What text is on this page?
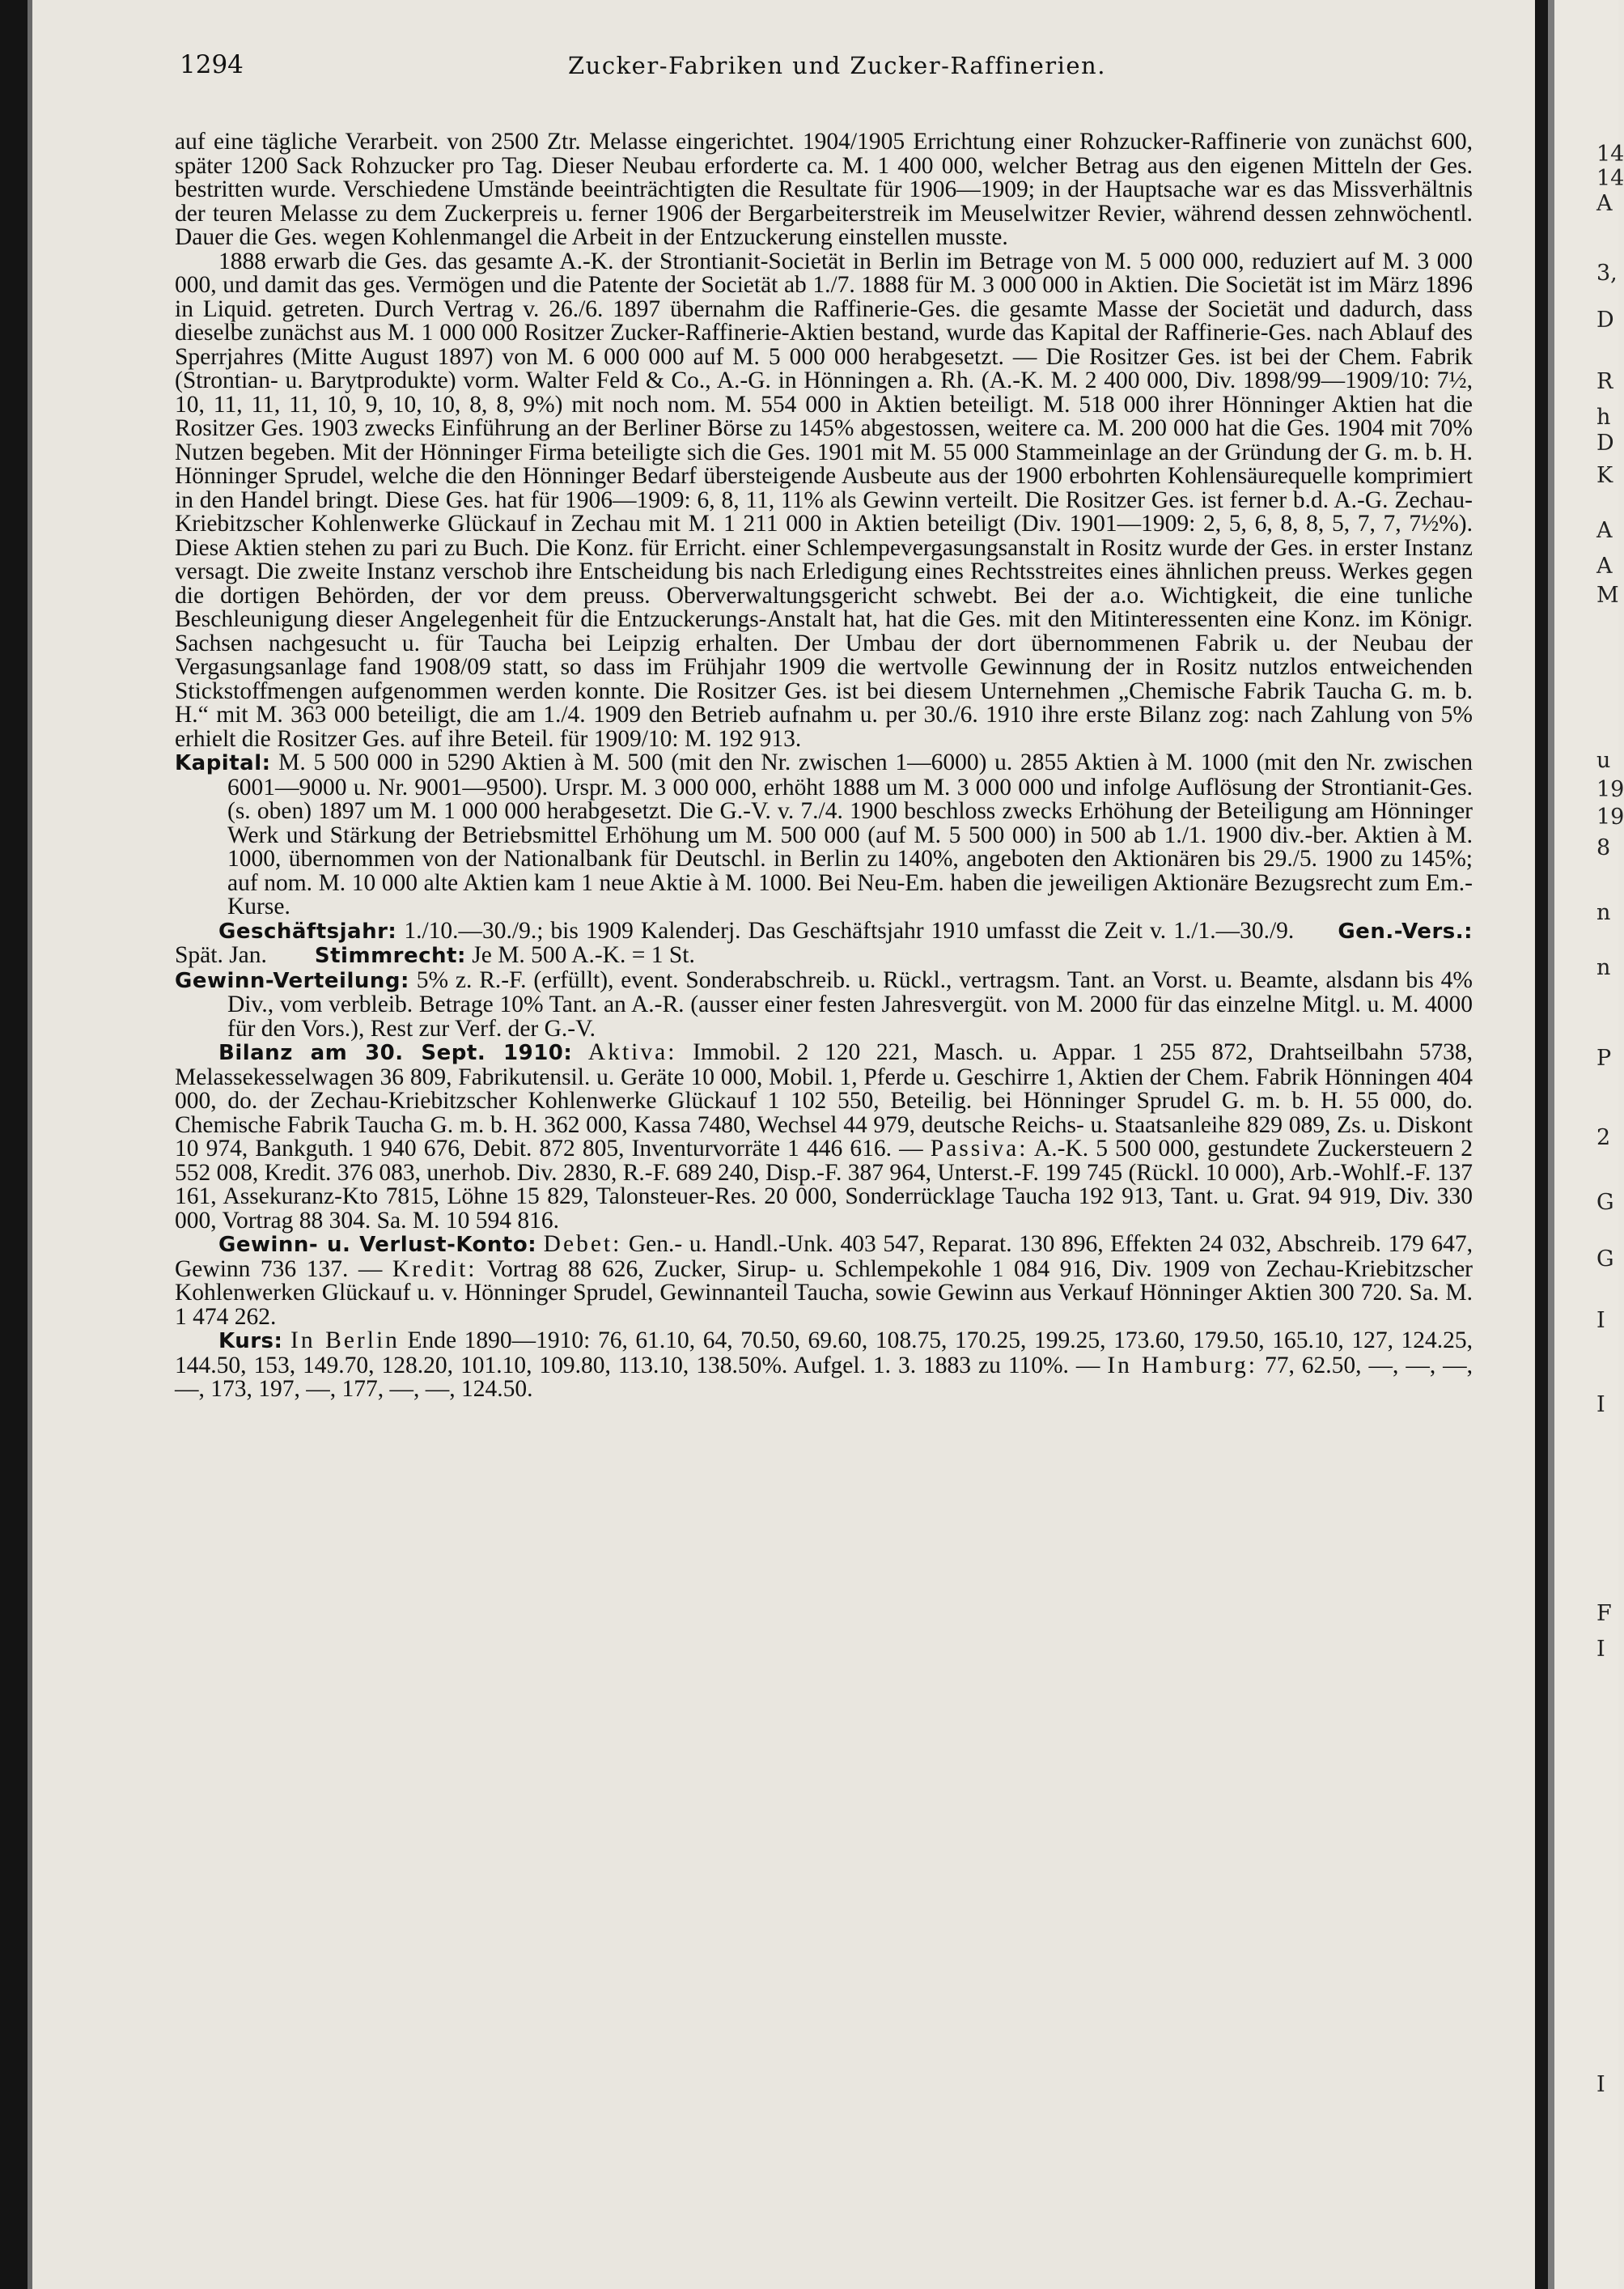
14
14
A
3,
D
R
h
D
K
A
A
M
u
19
19
8
n
n
P
2
G
G
I
I
F
I
I
1294	Zucker-Fabriken und Zucker-Raffinerien.

auf eine tägliche Verarbeit. von 2500 Ztr. Melasse eingerichtet. 1904/1905 Errichtung einer Rohzucker-Raffinerie von zunächst 600, später 1200 Sack Rohzucker pro Tag. Dieser Neubau erforderte ca. M. 1 400 000, welcher Betrag aus den eigenen Mitteln der Ges. bestritten wurde. Verschiedene Umstände beeinträchtigten die Resultate für 1906—1909; in der Hauptsache war es das Missverhältnis der teuren Melasse zu dem Zuckerpreis u. ferner 1906 der Bergarbeiterstreik im Meuselwitzer Revier, während dessen zehnwöchentl. Dauer die Ges. wegen Kohlenmangel die Arbeit in der Entzuckerung einstellen musste.

1888 erwarb die Ges. das gesamte A.-K. der Strontianit-Societät in Berlin im Betrage von M. 5 000 000, reduziert auf M. 3 000 000, und damit das ges. Vermögen und die Patente der Societät ab 1./7. 1888 für M. 3 000 000 in Aktien. Die Societät ist im März 1896 in Liquid. getreten. Durch Vertrag v. 26./6. 1897 übernahm die Raffinerie-Ges. die gesamte Masse der Societät und dadurch, dass dieselbe zunächst aus M. 1 000 000 Rositzer Zucker-Raffinerie-Aktien bestand, wurde das Kapital der Raffinerie-Ges. nach Ablauf des Sperrjahres (Mitte August 1897) von M. 6 000 000 auf M. 5 000 000 herabgesetzt. — Die Rositzer Ges. ist bei der Chem. Fabrik (Strontian- u. Barytprodukte) vorm. Walter Feld & Co., A.-G. in Hönningen a. Rh. (A.-K. M. 2 400 000, Div. 1898/99—1909/10: 7½, 10, 11, 11, 11, 10, 9, 10, 10, 8, 8, 9%) mit noch nom. M. 554 000 in Aktien beteiligt. M. 518 000 ihrer Hönninger Aktien hat die Rositzer Ges. 1903 zwecks Einführung an der Berliner Börse zu 145% abgestossen, weitere ca. M. 200 000 hat die Ges. 1904 mit 70% Nutzen begeben. Mit der Hönninger Firma beteiligte sich die Ges. 1901 mit M. 55 000 Stammeinlage an der Gründung der G. m. b. H. Hönninger Sprudel, welche die den Hönninger Bedarf übersteigende Ausbeute aus der 1900 erbohrten Kohlensäurequelle komprimiert in den Handel bringt. Diese Ges. hat für 1906—1909: 6, 8, 11, 11% als Gewinn verteilt. Die Rositzer Ges. ist ferner b.d. A.-G. Zechau-Kriebitzscher Kohlenwerke Glückauf in Zechau mit M. 1 211 000 in Aktien beteiligt (Div. 1901—1909: 2, 5, 6, 8, 8, 5, 7, 7, 7½%). Diese Aktien stehen zu pari zu Buch. Die Konz. für Erricht. einer Schlempevergasungsanstalt in Rositz wurde der Ges. in erster Instanz versagt. Die zweite Instanz verschob ihre Entscheidung bis nach Erledigung eines Rechtsstreites eines ähnlichen preuss. Werkes gegen die dortigen Behörden, der vor dem preuss. Oberverwaltungsgericht schwebt. Bei der a.o. Wichtigkeit, die eine tunliche Beschleunigung dieser Angelegenheit für die Entzuckerungs-Anstalt hat, hat die Ges. mit den Mitinteressenten eine Konz. im Königr. Sachsen nachgesucht u. für Taucha bei Leipzig erhalten. Der Umbau der dort übernommenen Fabrik u. der Neubau der Vergasungsanlage fand 1908/09 statt, so dass im Frühjahr 1909 die wertvolle Gewinnung der in Rositz nutzlos entweichenden Stickstoffmengen aufgenommen werden konnte. Die Rositzer Ges. ist bei diesem Unternehmen „Chemische Fabrik Taucha G. m. b. H.“ mit M. 363 000 beteiligt, die am 1./4. 1909 den Betrieb aufnahm u. per 30./6. 1910 ihre erste Bilanz zog: nach Zahlung von 5% erhielt die Rositzer Ges. auf ihre Beteil. für 1909/10: M. 192 913.

Kapital: M. 5 500 000 in 5290 Aktien à M. 500 (mit den Nr. zwischen 1—6000) u. 2855 Aktien à M. 1000 (mit den Nr. zwischen 6001—9000 u. Nr. 9001—9500). Urspr. M. 3 000 000, erhöht 1888 um M. 3 000 000 und infolge Auflösung der Strontianit-Ges. (s. oben) 1897 um M. 1 000 000 herabgesetzt. Die G.-V. v. 7./4. 1900 beschloss zwecks Erhöhung der Beteiligung am Hönninger Werk und Stärkung der Betriebsmittel Erhöhung um M. 500 000 (auf M. 5 500 000) in 500 ab 1./1. 1900 div.-ber. Aktien à M. 1000, übernommen von der Nationalbank für Deutschl. in Berlin zu 140%, angeboten den Aktionären bis 29./5. 1900 zu 145%; auf nom. M. 10 000 alte Aktien kam 1 neue Aktie à M. 1000. Bei Neu-Em. haben die jeweiligen Aktionäre Bezugsrecht zum Em.-Kurse.

Geschäftsjahr: 1./10.—30./9.; bis 1909 Kalenderj. Das Geschäftsjahr 1910 umfasst die Zeit v. 1./1.—30./9. Gen.-Vers.: Spät. Jan. Stimmrecht: Je M. 500 A.-K. = 1 St.

Gewinn-Verteilung: 5% z. R.-F. (erfüllt), event. Sonderabschreib. u. Rückl., vertragsm. Tant. an Vorst. u. Beamte, alsdann bis 4% Div., vom verbleib. Betrage 10% Tant. an A.-R. (ausser einer festen Jahresvergüt. von M. 2000 für das einzelne Mitgl. u. M. 4000 für den Vors.), Rest zur Verf. der G.-V.

Bilanz am 30. Sept. 1910: Aktiva: Immobil. 2 120 221, Masch. u. Appar. 1 255 872, Drahtseilbahn 5738, Melassekesselwagen 36 809, Fabrikutensil. u. Geräte 10 000, Mobil. 1, Pferde u. Geschirre 1, Aktien der Chem. Fabrik Hönningen 404 000, do. der Zechau-Kriebitzscher Kohlenwerke Glückauf 1 102 550, Beteilig. bei Hönninger Sprudel G. m. b. H. 55 000, do. Chemische Fabrik Taucha G. m. b. H. 362 000, Kassa 7480, Wechsel 44 979, deutsche Reichs- u. Staatsanleihe 829 089, Zs. u. Diskont 10 974, Bankguth. 1 940 676, Debit. 872 805, Inventurvorräte 1 446 616. — Passiva: A.-K. 5 500 000, gestundete Zuckersteuern 2 552 008, Kredit. 376 083, unerhob. Div. 2830, R.-F. 689 240, Disp.-F. 387 964, Unterst.-F. 199 745 (Rückl. 10 000), Arb.-Wohlf.-F. 137 161, Assekuranz-Kto 7815, Löhne 15 829, Talonsteuer-Res. 20 000, Sonderrücklage Taucha 192 913, Tant. u. Grat. 94 919, Div. 330 000, Vortrag 88 304. Sa. M. 10 594 816.

Gewinn- u. Verlust-Konto: Debet: Gen.- u. Handl.-Unk. 403 547, Reparat. 130 896, Effekten 24 032, Abschreib. 179 647, Gewinn 736 137. — Kredit: Vortrag 88 626, Zucker, Sirup- u. Schlempekohle 1 084 916, Div. 1909 von Zechau-Kriebitzscher Kohlenwerken Glückauf u. v. Hönninger Sprudel, Gewinnanteil Taucha, sowie Gewinn aus Verkauf Hönninger Aktien 300 720. Sa. M. 1 474 262.

Kurs: In Berlin Ende 1890—1910: 76, 61.10, 64, 70.50, 69.60, 108.75, 170.25, 199.25, 173.60, 179.50, 165.10, 127, 124.25, 144.50, 153, 149.70, 128.20, 101.10, 109.80, 113.10, 138.50%. Aufgel. 1. 3. 1883 zu 110%. — In Hamburg: 77, 62.50, —, —, —, —, 173, 197, —, 177, —, —, 124.50.
